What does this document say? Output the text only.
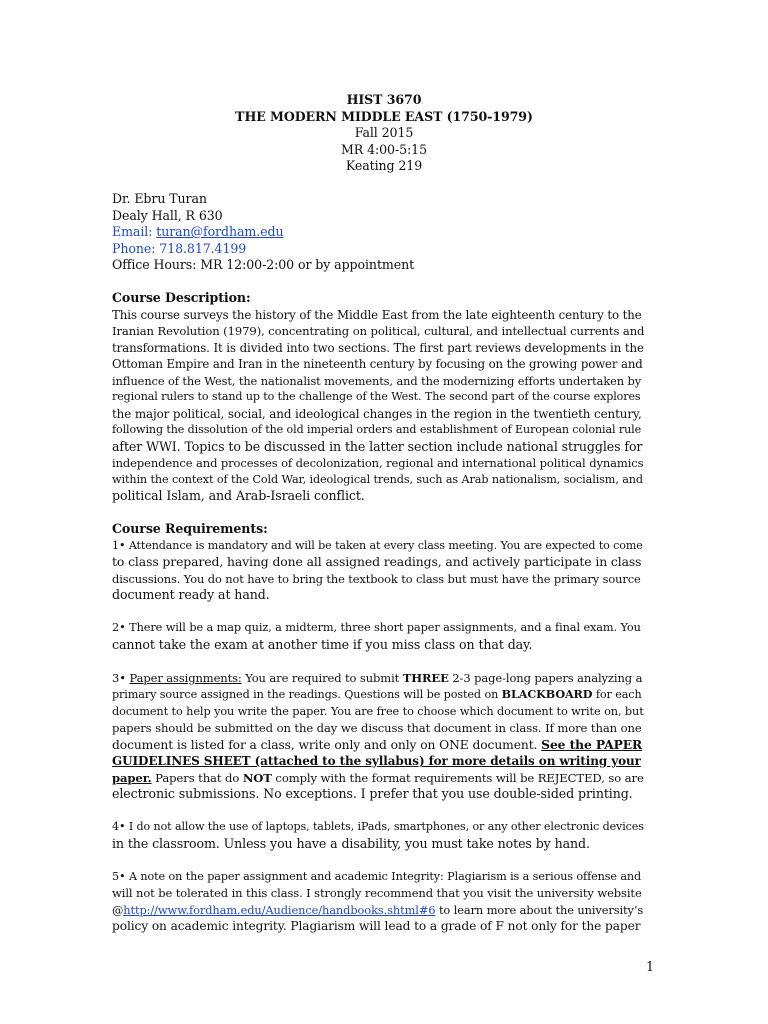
HIST 3670
THE MODERN MIDDLE EAST (1750-1979)
Fall 2015
MR 4:00-5:15
Keating 219
Dr. Ebru Turan
Dealy Hall, R 630
Email: turan@fordham.edu
Phone: 718.817.4199
Office Hours: MR 12:00-2:00 or by appointment
Course Description:
This course surveys the history of the Middle East from the late eighteenth century to the
Iranian Revolution (1979), concentrating on political, cultural, and intellectual currents and
transformations. It is divided into two sections. The first part reviews developments in the
Ottoman Empire and Iran in the nineteenth century by focusing on the growing power and
influence of the West, the nationalist movements, and the modernizing efforts undertaken by
regional rulers to stand up to the challenge of the West. The second part of the course explores
the major political, social, and ideological changes in the region in the twentieth century,
following the dissolution of the old imperial orders and establishment of European colonial rule
after WWI. Topics to be discussed in the latter section include national struggles for
independence and processes of decolonization, regional and international political dynamics
within the context of the Cold War, ideological trends, such as Arab nationalism, socialism, and
political Islam, and Arab-Israeli conflict.
Course Requirements:
1• Attendance is mandatory and will be taken at every class meeting. You are expected to come
to class prepared, having done all assigned readings, and actively participate in class
discussions. You do not have to bring the textbook to class but must have the primary source
document ready at hand.
2• There will be a map quiz, a midterm, three short paper assignments, and a final exam. You
cannot take the exam at another time if you miss class on that day.
3• Paper assignments: You are required to submit THREE 2-3 page-long papers analyzing a
primary source assigned in the readings. Questions will be posted on BLACKBOARD for each
document to help you write the paper. You are free to choose which document to write on, but
papers should be submitted on the day we discuss that document in class. If more than one
document is listed for a class, write only and only on ONE document. See the PAPER
GUIDELINES SHEET (attached to the syllabus) for more details on writing your
paper. Papers that do NOT comply with the format requirements will be REJECTED, so are
electronic submissions. No exceptions. I prefer that you use double-sided printing.
4• I do not allow the use of laptops, tablets, iPads, smartphones, or any other electronic devices
in the classroom. Unless you have a disability, you must take notes by hand.
5• A note on the paper assignment and academic Integrity: Plagiarism is a serious offense and
will not be tolerated in this class. I strongly recommend that you visit the university website
@http://www.fordham.edu/Audience/handbooks.shtml#6 to learn more about the university’s
policy on academic integrity. Plagiarism will lead to a grade of F not only for the paper
1
